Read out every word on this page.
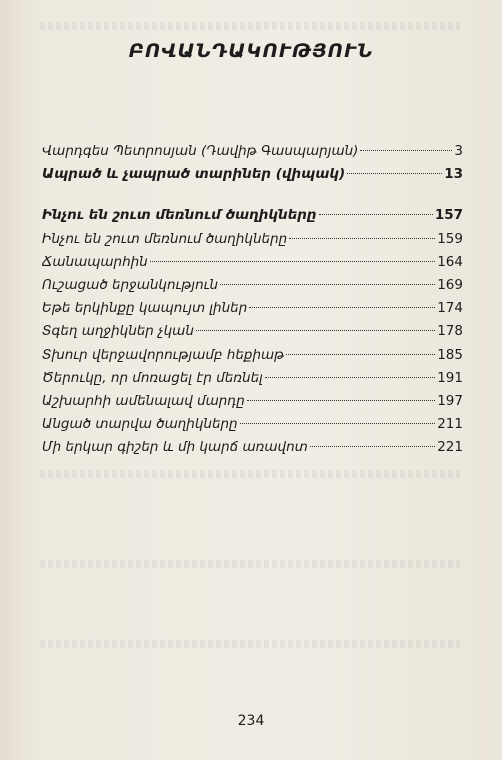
ԲՈՎԱՆԴԱԿՈՒԹՅՈՒՆ
Վարդգես Պետրոսյան (Դավիթ Գասպարյան)	3
Ապրած և չապրած տարիներ (վիպակ)	13
Ինչու են շուտ մեռնում ծաղիկները	157
Ինչու են շուտ մեռնում ծաղիկները	159
Ճանապարհին	164
Ուշացած երջանկություն	169
Եթե երկինքը կապույտ լիներ	174
Տգեղ աղջիկներ չկան	178
Տխուր վերջավորությամբ հեքիաթ	185
Ծերուկը, որ մոռացել էր մեռնել	191
Աշխարհի ամենալավ մարդը	197
Անցած տարվա ծաղիկները	211
Մի երկար գիշեր և մի կարճ առավոտ	221
234
